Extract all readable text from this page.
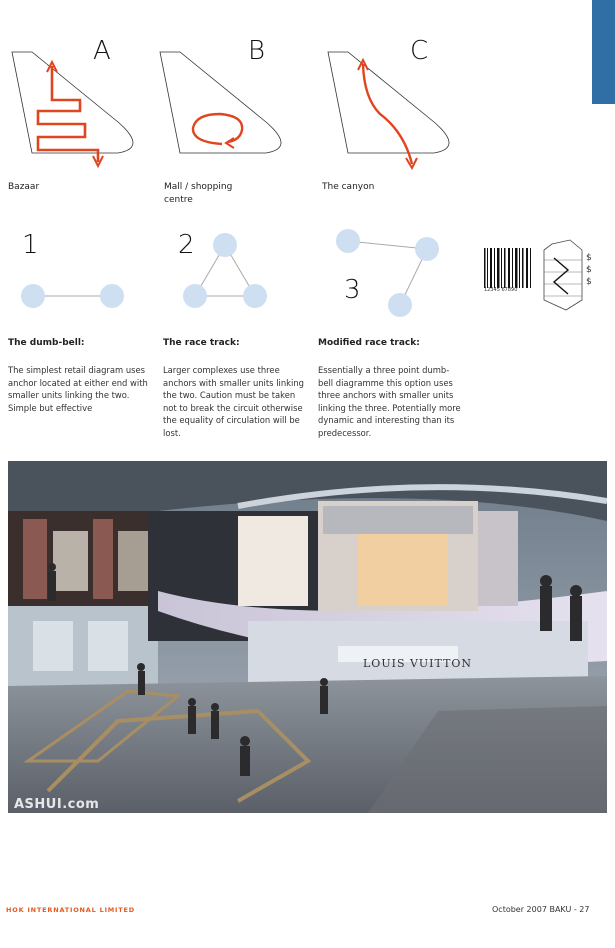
A	B	C
Bazaar	Mall / shopping
centre
The canyon
1	2
3
$
$
$
12345 67890
The dumb-bell:	The race track:	Modified race track:
The simplest retail diagram uses anchor located at either end with smaller units linking the two. Simple but effective
Larger complexes use three anchors with smaller units linking the two. Caution must be taken not to break the circuit otherwise the equality of circulation will be lost.
Essentially a three point dumb-bell diagramme this option uses three anchors with smaller units linking the three. Potentially more dynamic and interesting than its predecessor.
LOUIS VUITTON
ASHUI.com
HOK INTERNATIONAL LIMITED	October 2007 BAKU - 27
